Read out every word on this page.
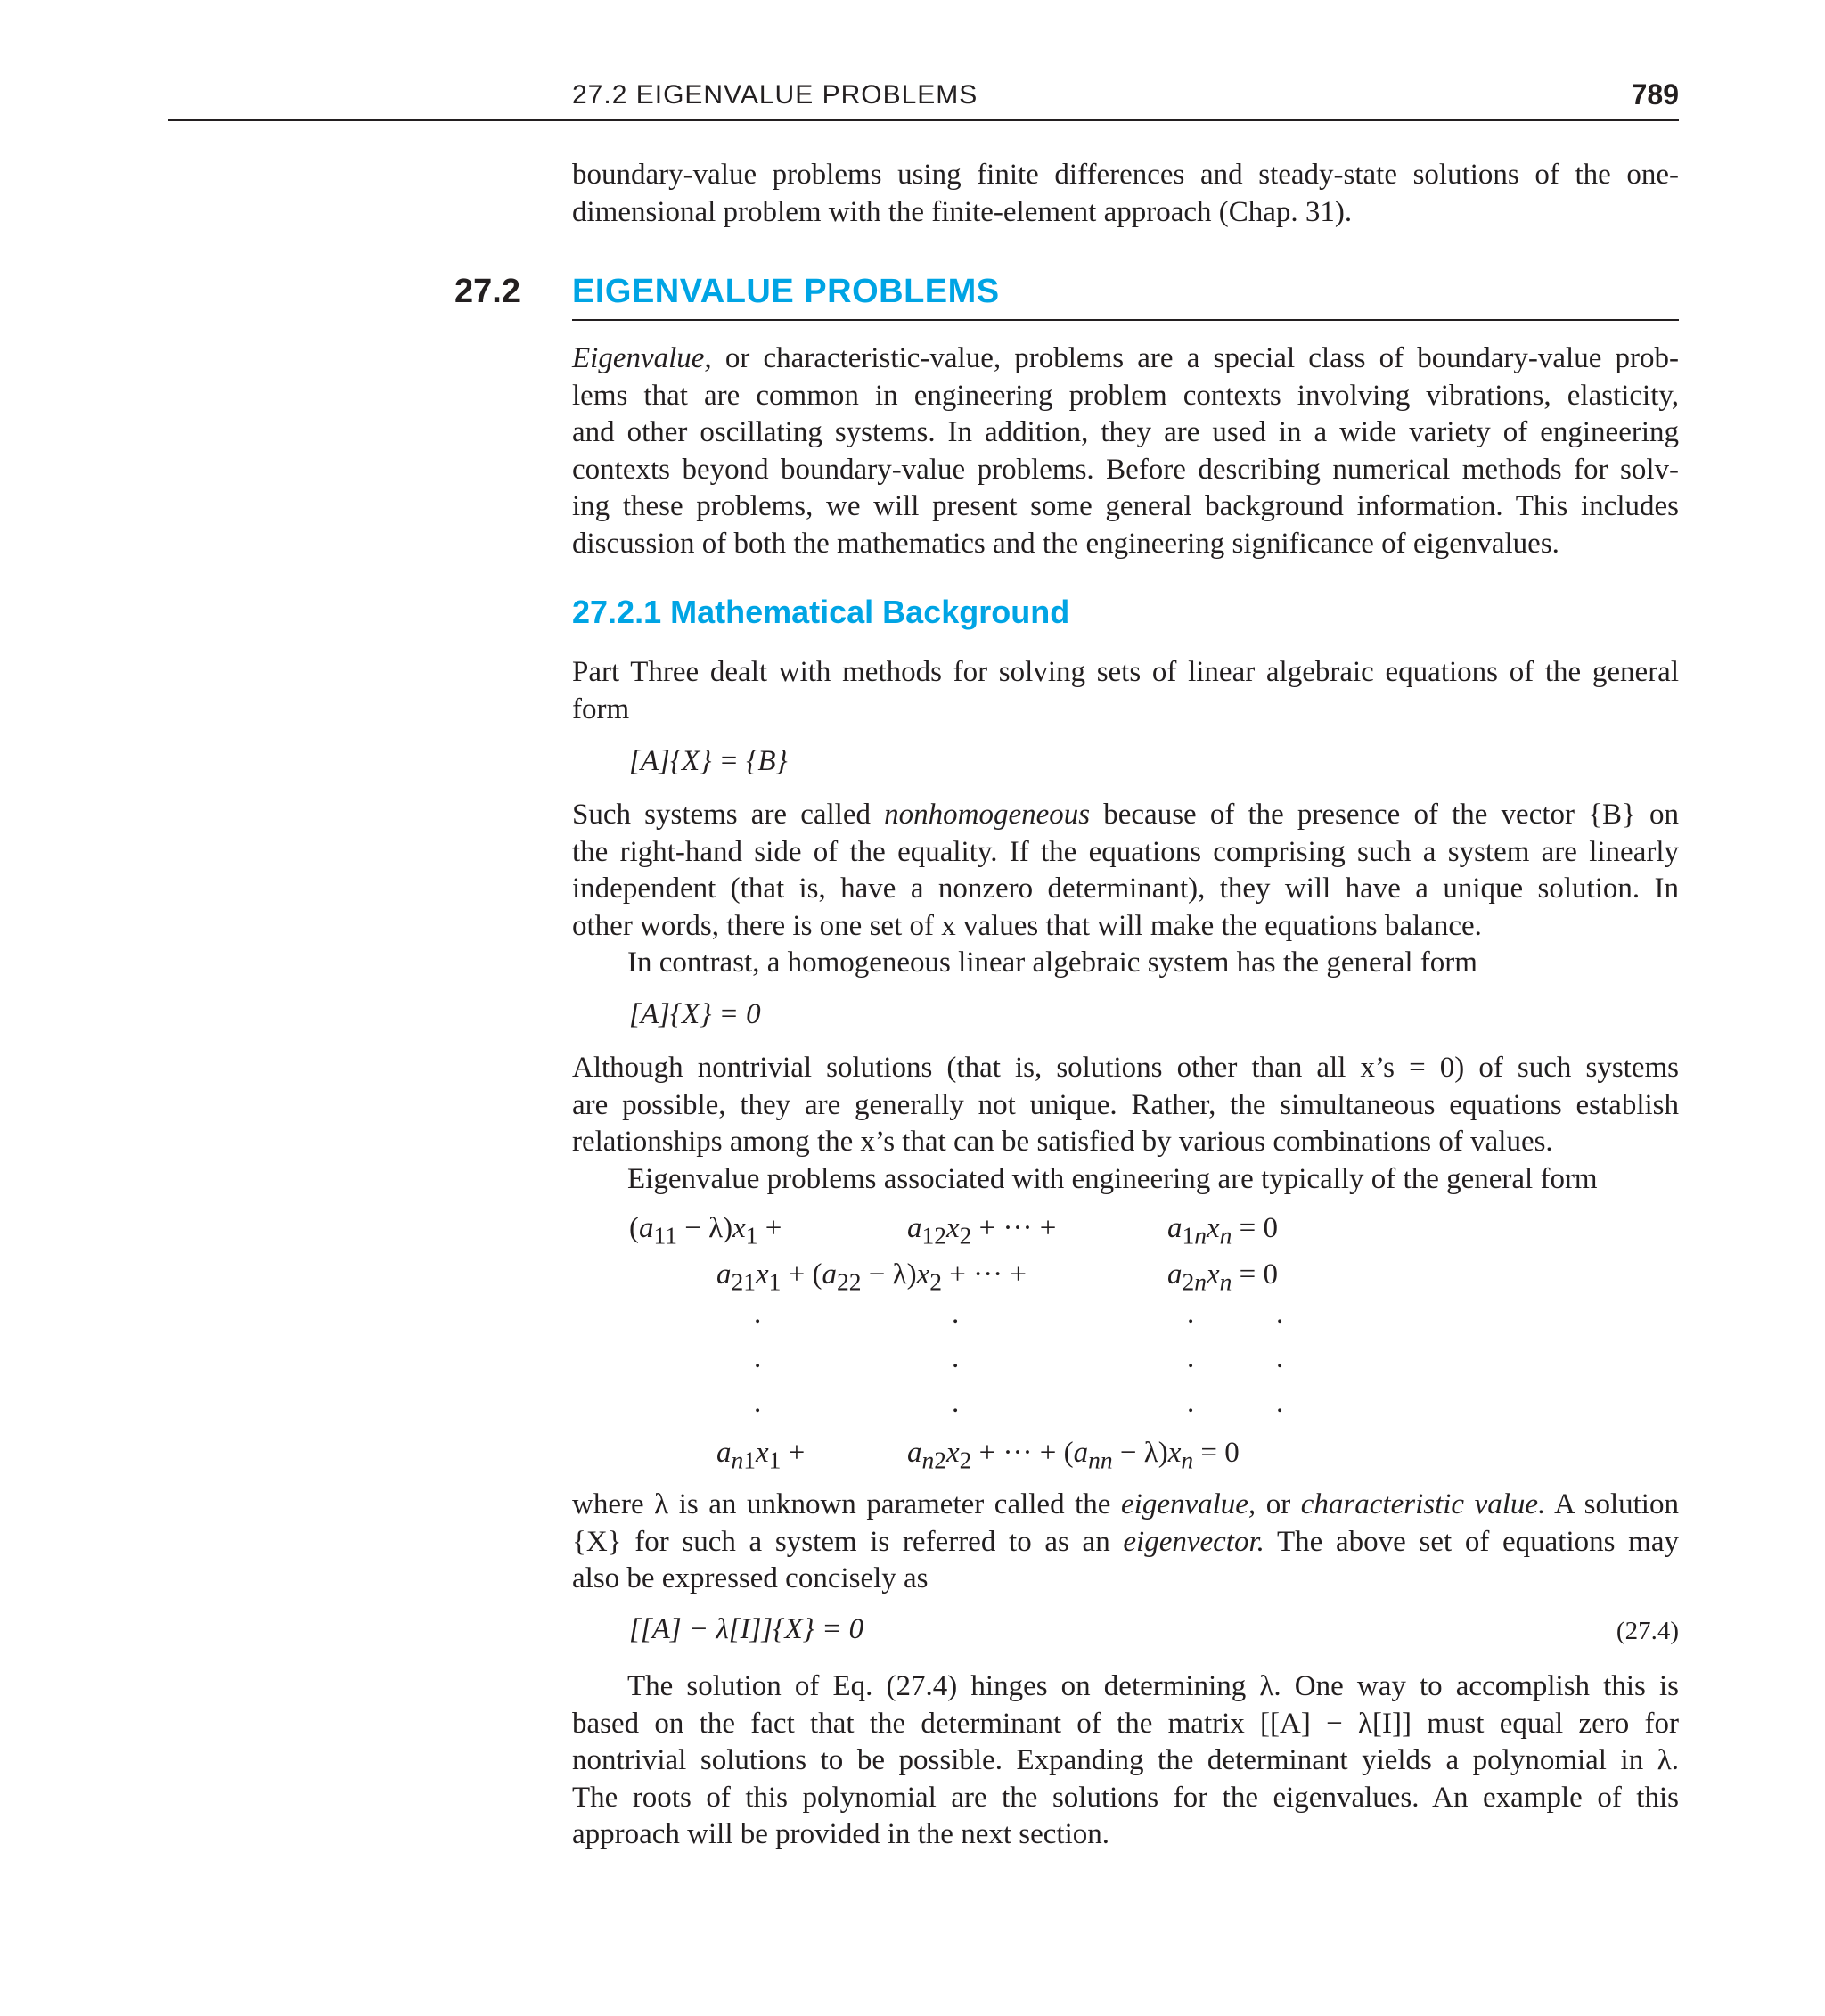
27.2 EIGENVALUE PROBLEMS	789

boundary-value problems using finite differences and steady-state solutions of the one-

dimensional problem with the finite-element approach (Chap. 31).

27.2 EIGENVALUE PROBLEMS

Eigenvalue, or characteristic-value, problems are a special class of boundary-value prob-

lems that are common in engineering problem contexts involving vibrations, elasticity,

and other oscillating systems. In addition, they are used in a wide variety of engineering

contexts beyond boundary-value problems. Before describing numerical methods for solv-

ing these problems, we will present some general background information. This includes

discussion of both the mathematics and the engineering significance of eigenvalues.

27.2.1 Mathematical Background

Part Three dealt with methods for solving sets of linear algebraic equations of the general

form

[A]{X} = {B}

Such systems are called nonhomogeneous because of the presence of the vector {B} on

the right-hand side of the equality. If the equations comprising such a system are linearly

independent (that is, have a nonzero determinant), they will have a unique solution. In

other words, there is one set of x values that will make the equations balance.

In contrast, a homogeneous linear algebraic system has the general form

[A]{X} = 0

Although nontrivial solutions (that is, solutions other than all x’s = 0) of such systems

are possible, they are generally not unique. Rather, the simultaneous equations establish

relationships among the x’s that can be satisfied by various combinations of values.

Eigenvalue problems associated with engineering are typically of the general form

$(a_{11} - \lambda)x_1$ +	$a_{12}x_2$ + ··· +	$a_{1n}x_n = 0$
$a_{21}x_1 + (a_{22} - \lambda)x_2$ + ··· +	$a_{2n}x_n = 0$
.	.	.	.
.	.	.	.
.	.	.	.
$a_{n1}x_1$ +	$a_{n2}x_2$ + ··· + $(a_{nn} - \lambda)x_n = 0$

where λ is an unknown parameter called the eigenvalue, or characteristic value. A solution

{X} for such a system is referred to as an eigenvector. The above set of equations may

also be expressed concisely as

[[A] − λ[I]]{X} = 0	(27.4)

The solution of Eq. (27.4) hinges on determining λ. One way to accomplish this is

based on the fact that the determinant of the matrix [[A] − λ[I]] must equal zero for

nontrivial solutions to be possible. Expanding the determinant yields a polynomial in λ.

The roots of this polynomial are the solutions for the eigenvalues. An example of this

approach will be provided in the next section.
